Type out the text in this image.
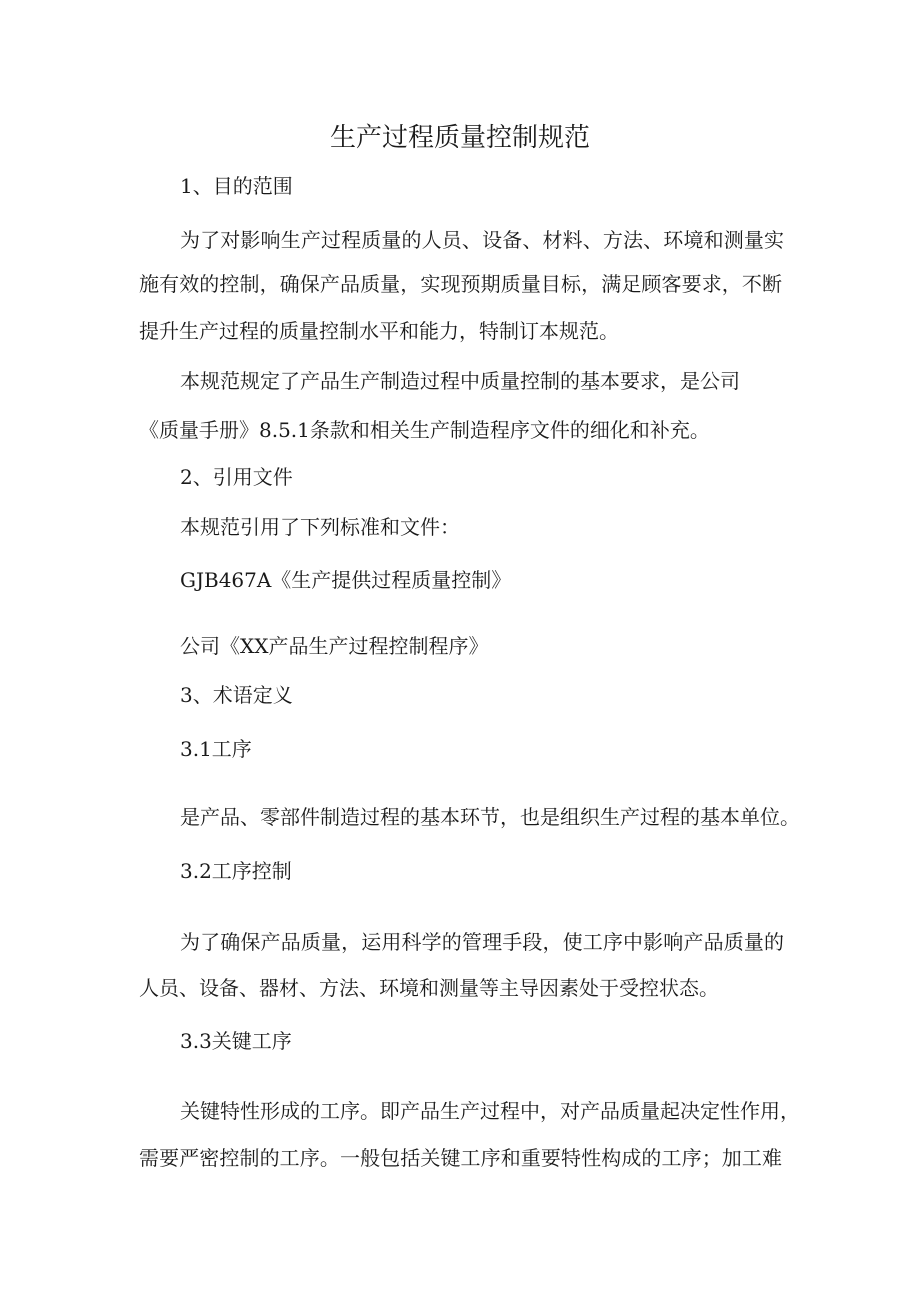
生产过程质量控制规范

1、目的范围

为了对影响生产过程质量的人员、设备、材料、方法、环境和测量实

施有效的控制，确保产品质量，实现预期质量目标，满足顾客要求，不断

提升生产过程的质量控制水平和能力，特制订本规范。

本规范规定了产品生产制造过程中质量控制的基本要求，是公司

《质量手册》8.5.1条款和相关生产制造程序文件的细化和补充。

2、引用文件

本规范引用了下列标准和文件：

GJB467A《生产提供过程质量控制》

公司《XX产品生产过程控制程序》

3、术语定义

3.1工序

是产品、零部件制造过程的基本环节，也是组织生产过程的基本单位。

3.2工序控制

为了确保产品质量，运用科学的管理手段，使工序中影响产品质量的

人员、设备、器材、方法、环境和测量等主导因素处于受控状态。

3.3关键工序

关键特性形成的工序。即产品生产过程中，对产品质量起决定性作用，

需要严密控制的工序。一般包括关键工序和重要特性构成的工序；加工难
